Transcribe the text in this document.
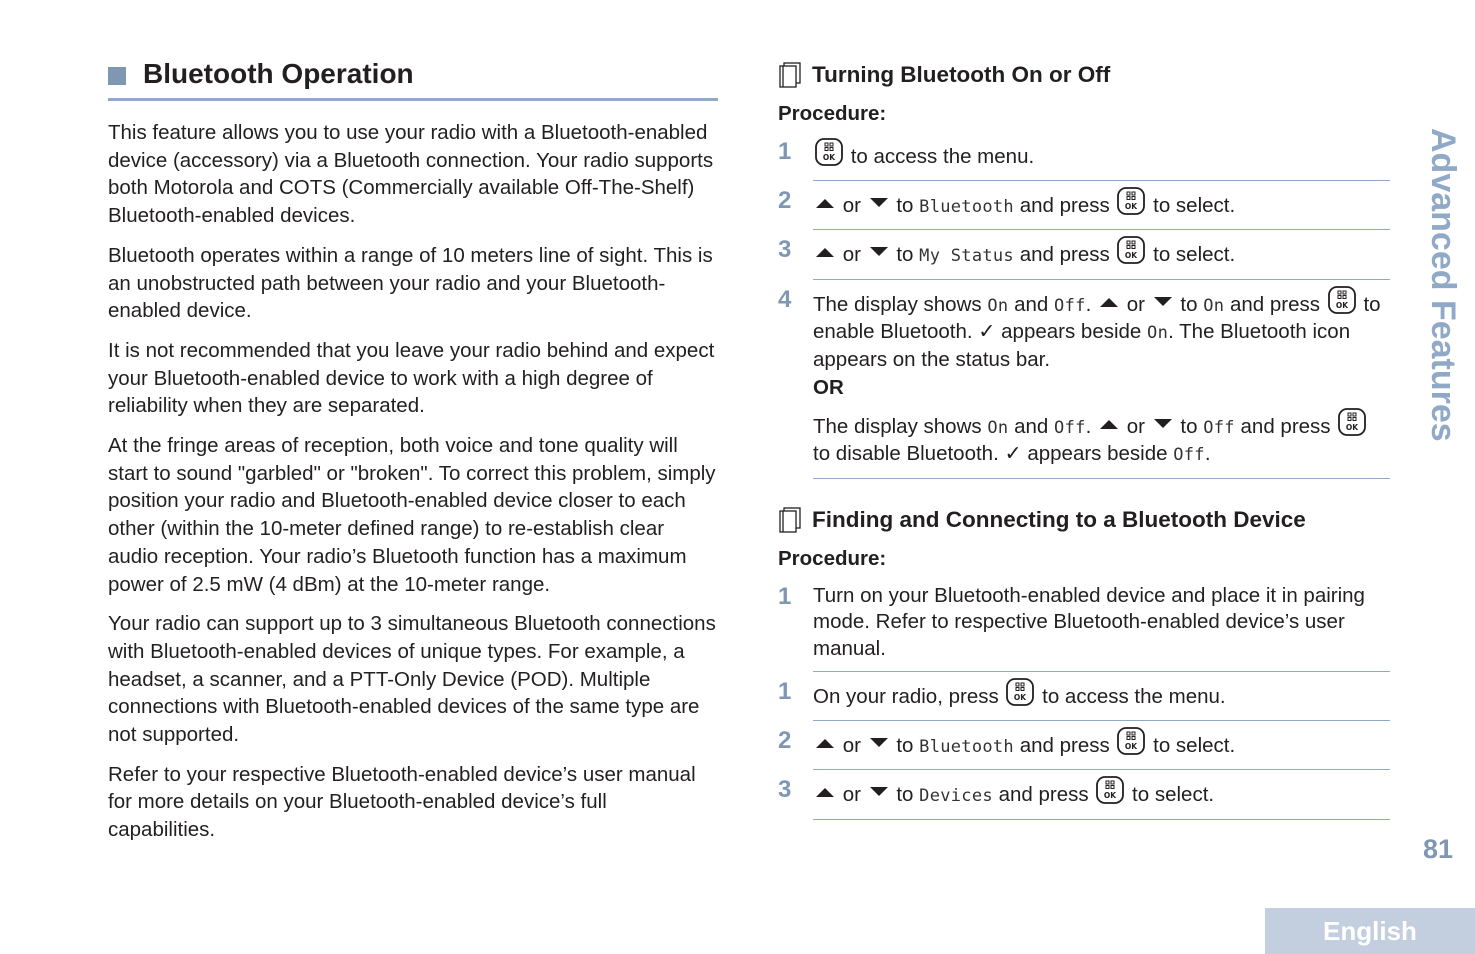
Bluetooth Operation

This feature allows you to use your radio with a Bluetooth-enabled device (accessory) via a Bluetooth connection. Your radio supports both Motorola and COTS (Commercially available Off-The-Shelf) Bluetooth-enabled devices.

Bluetooth operates within a range of 10 meters line of sight. This is an unobstructed path between your radio and your Bluetooth-enabled device.

It is not recommended that you leave your radio behind and expect your Bluetooth-enabled device to work with a high degree of reliability when they are separated.

At the fringe areas of reception, both voice and tone quality will start to sound "garbled" or "broken". To correct this problem, simply position your radio and Bluetooth-enabled device closer to each other (within the 10-meter defined range) to re-establish clear audio reception. Your radio’s Bluetooth function has a maximum power of 2.5 mW (4 dBm) at the 10-meter range.

Your radio can support up to 3 simultaneous Bluetooth connections with Bluetooth-enabled devices of unique types. For example, a headset, a scanner, and a PTT-Only Device (POD). Multiple connections with Bluetooth-enabled devices of the same type are not supported.

Refer to your respective Bluetooth-enabled device’s user manual for more details on your Bluetooth-enabled device’s full capabilities.

Turning Bluetooth On or Off
Procedure:
1	to access the menu.
2	or to Bluetooth and press to select.
3	or to My Status and press to select.
4	The display shows On and Off. or to On and press to enable Bluetooth. ✓ appears beside On. The Bluetooth icon appears on the status bar.
OR
The display shows On and Off. or to Off and press  to disable Bluetooth. ✓ appears beside Off.
Finding and Connecting to a Bluetooth Device
Procedure:
1	Turn on your Bluetooth-enabled device and place it in pairing mode. Refer to respective Bluetooth-enabled device’s user manual.
1	On your radio, press to access the menu.
2	or to Bluetooth and press to select.
3	or to Devices and press to select.
Advanced Features
81
English
